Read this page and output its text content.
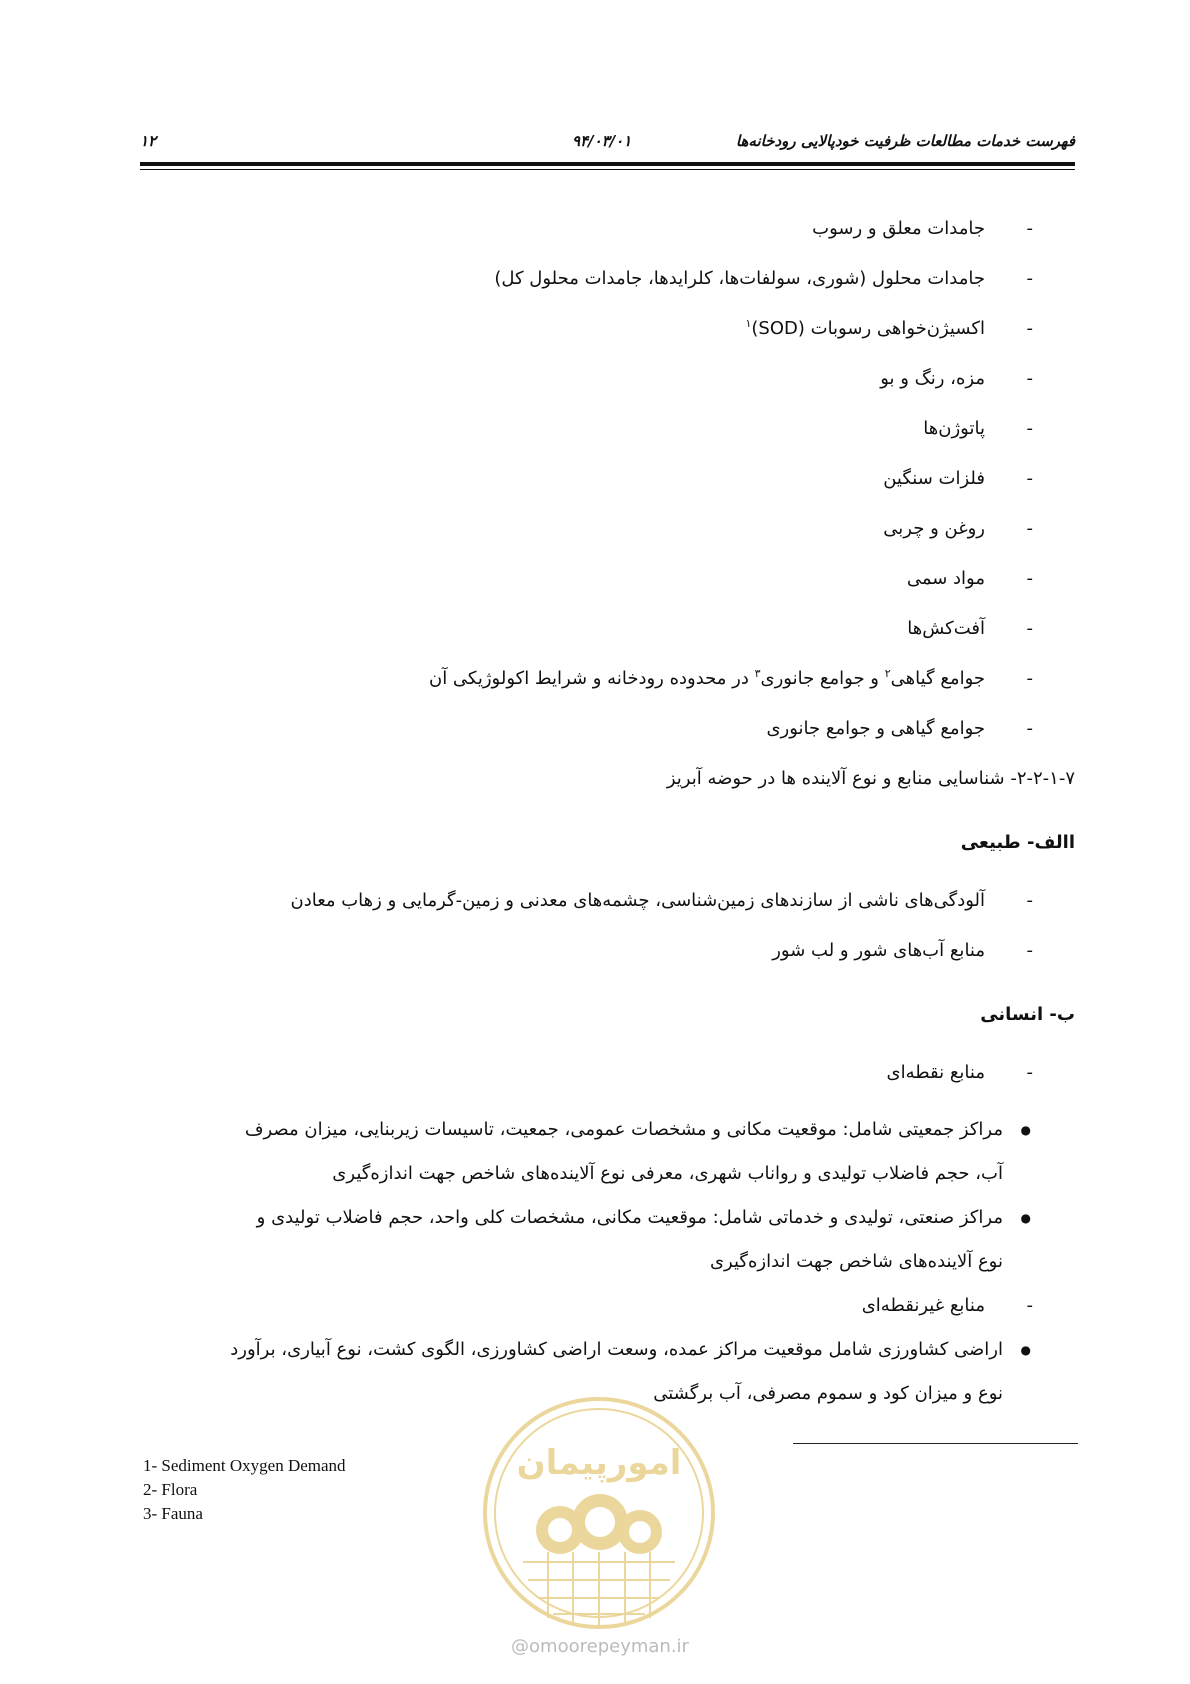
فهرست خدمات مطالعات ظرفیت خودپالایی رودخانه‌ها
۹۴/۰۳/۰۱
۱۲
- جامدات معلق و رسوب
- جامدات محلول (شوری، سولفات‌ها، کلرایدها، جامدات محلول کل)
- اکسیژن‌خواهی رسوبات (SOD)$^۱$
- مزه، رنگ و بو
- پاتوژن‌ها
- فلزات سنگین
- روغن و چربی
- مواد سمی
- آفت‌کش‌ها
- جوامع گیاهی$^۲$ و جوامع جانوری$^۳$ در محدوده رودخانه و شرایط اکولوژیکی آن
- جوامع گیاهی و جوامع جانوری
۲-۲-۱-۷- شناسایی منابع و نوع آلاینده ها در حوضه آبریز
االف- طبیعی
- آلودگی‌های ناشی از سازندهای زمین‌شناسی، چشمه‌های معدنی و زمین-گرمایی و زهاب معادن
- منابع آب‌های شور و لب شور
ب- انسانی
- منابع نقطه‌ای
● مراکز جمعیتی شامل: موقعیت مکانی و مشخصات عمومی، جمعیت، تاسیسات زیربنایی، میزان مصرف
آب، حجم فاضلاب تولیدی و رواناب شهری، معرفی نوع آلاینده‌های شاخص جهت اندازه‌گیری
● مراکز صنعتی، تولیدی و خدماتی شامل: موقعیت مکانی، مشخصات کلی واحد، حجم فاضلاب تولیدی و
نوع آلاینده‌های شاخص جهت اندازه‌گیری
- منابع غیرنقطه‌ای
● اراضی کشاورزی شامل موقعیت مراکز عمده، وسعت اراضی کشاورزی، الگوی کشت، نوع آبیاری، برآورد
نوع و میزان کود و سموم مصرفی، آب برگشتی
1- Sediment Oxygen Demand
2- Flora
3- Fauna
امورپیمان
@omoorepeyman.ir
